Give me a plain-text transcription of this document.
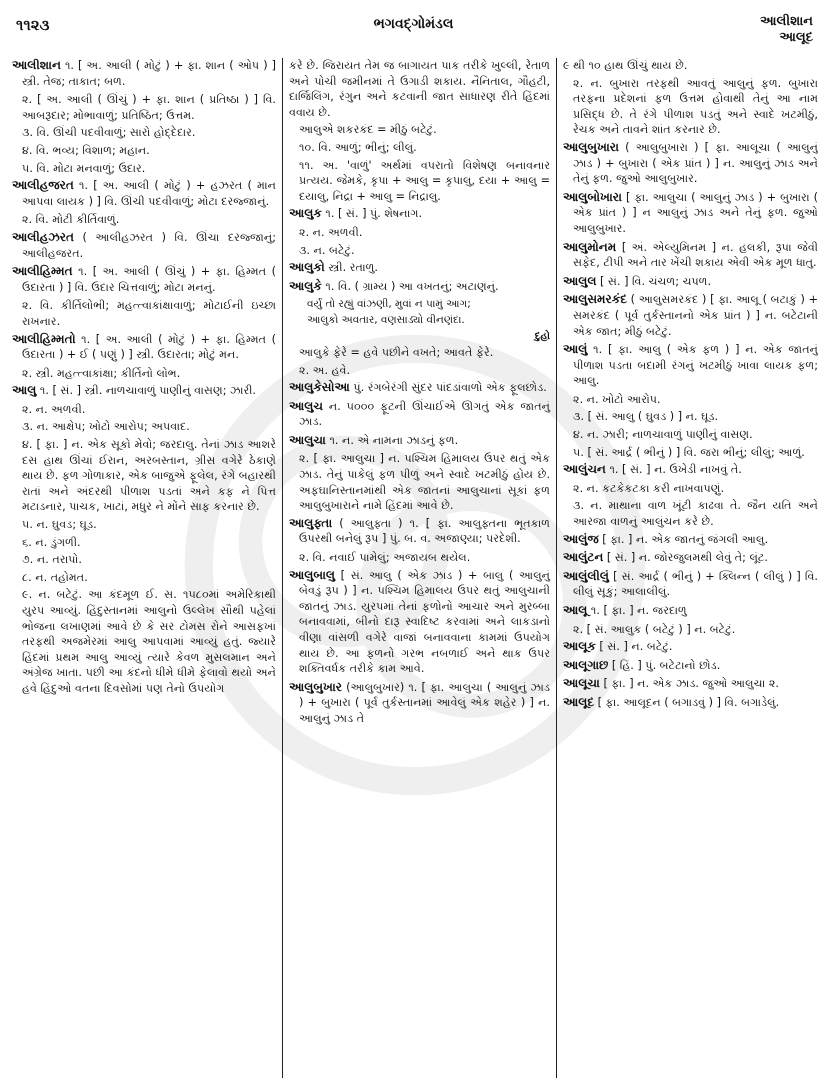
૧૧૨૩	ભગવદ્ગોમંડલ	આલીશાન
આલૂદ

આલીશાન ૧. [ અ. આલી ( મોટું ) + ફા. શાન ( ઓપ ) ] સ્ત્રી. તેજ; તાકાત; બળ.

૨. [ અ. આલી ( ઊંચું ) + ફા. શાન ( પ્રતિષ્ઠા ) ] વિ. આબરૂદાર; મોભાવાળું; પ્રતિષ્ઠિત; ઉત્તમ.

૩. વિ. ઊંચી પદવીવાળું; સારો હોદ્દેદાર.

૪. વિ. ભવ્ય; વિશાળ; મહાન.

૫. વિ. મોટા મનવાળું; ઉદાર.

આલીહજરત ૧. [ અ. આલી ( મોટું ) + હઝરત ( માન આપવા લાયક ) ] વિ. ઊંચી પદવીવાળું; મોટા દરજ્જાનું.

૨. વિ. મોટી કીર્તિવાળું.

આલીહઝરત ( આલીહઝરત ) વિ. ઊંચા દરજ્જાનું; આલીહજરત.

આલીહિમ્મત ૧. [ અ. આલી ( ઊંચું ) + ફા. હિમ્મત ( ઉદારતા ) ] વિ. ઉદાર ચિત્તવાળું; મોટા મનનું.

૨. વિ. કીર્તિલોભી; મહત્ત્વાકાંક્ષાવાળું; મોટાઈની ઇચ્છા રાખનાર.

આલીહિમ્મતો ૧. [ અ. આલી ( મોટું ) + ફા. હિમ્મત ( ઉદારતા ) + ઈ ( પણું ) ] સ્ત્રી. ઉદારતા; મોટું મન.

૨. સ્ત્રી. મહત્ત્વાકાંક્ષા; કીર્તિનો લોભ.

આલુ ૧. [ સં. ] સ્ત્રી. નાળચાવાળું પાણીનું વાસણ; ઝારી.

૨. ન. અળવી.

૩. ન. આક્ષેપ; ખોટો આરોપ; અપવાદ.

૪. [ ફા. ] ન. એક સૂકો મેવો; જરદાલુ. તેનાં ઝાડ આશરે દસ હાથ ઊંચાં ઈરાન, અરબસ્તાન, ગ્રીસ વગેરે ઠેકાણે થાય છે. ફળ ગોળાકાર, એક બાજુએ ફૂલેલ, રંગે બહારથી રાતાં અને અંદરથી પીળાશ પડતાં અને કફ ને પિત્ત મટાડનાર, પાચક, ખાટાં, મધુર ને મોંને સાફ કરનાર છે.

૫. ન. ઘુવડ; ઘૂડ.

૬. ન. ડુંગળી.

૭. ન. તરાપો.

૮. ન. તહોમત.

૯. ન. બટેટું. આ કંદમૂળ ઈ. સ. ૧૫૮૦માં અમેરિકાથી યુરપ આવ્યું. હિંદુસ્તાનમાં આલુનો ઉલ્લેખ સૌથી પહેલાં ભોજના લખાણમાં આવે છે કે સર ટોમસ રોને આસફખાં તરફથી અજમેરમાં આલુ આપવામાં આવ્યું હતું. જ્યારે હિંદમાં પ્રથમ આલુ આવ્યું ત્યારે કેવળ મુસલમાન અને અંગ્રેજ ખાતા. પછી આ કંદનો ધીમે ધીમે ફેલાવો થયો અને હવે હિંદુઓ વતના દિવસોમાં પણ તેનો ઉપયોગ

કરે છે. જિરાયત તેમ જ બાગાયત પાક તરીકે ખુલ્લી, રેતાળ અને પોચી જમીનમાં તે ઉગાડી શકાય. નૈનિતાલ, ગૌહટી, દાર્જિલિંગ, રંગુન અને કટવાની જાત સાધારણ રીતે હિંદમાં વવાય છે.

આલુએ શકરકંદ = મીઠું બટેટું.

૧૦. વિ. આળું; ભીનું; લીલું.

૧૧. અ. 'વાળું' અર્થમાં વપરાતો વિશેષણ બનાવનાર પ્રત્યય. જેમકે, કૃપા + આલુ = કૃપાલુ, દયા + આલુ = દયાલુ, નિદ્રા + આલુ = નિદ્રાલુ.

આલુક ૧. [ સં. ] પું. શેષનાગ.

૨. ન. અળવી.

૩. ન. બટેટું.

આલુકો સ્ત્રી. રતાળુ.

આલુકે ૧. વિ. ( ગ્રામ્ય ) આ વખતનું; અટાણનું.

વર્યું તો રહ્યું વાંઝણી, મુવાં ન પામું આગ;

આલુકો અવતાર, વણસાડ્યો વીનણંદા.

દુહો

આલુકે ફેરે = હવે પછીને વખતે; આવતે ફેરે.

૨. અ. હવે.

આલુકેસોઆ પું. રંગબેરંગી સુંદર પાંદડાંવાળો એક ફૂલછોડ.

આલુચ ન. ૫૦૦૦ ફૂટની ઊંચાઈએ ઊગતું એક જાતનું ઝાડ.

આલુચા ૧. ન. એ નામના ઝાડનું ફળ.

૨. [ ફા. આલુચા ] ન. પશ્ચિમ હિમાલય ઉપર થતું એક ઝાડ. તેનું પાકેલું ફળ પીળું અને સ્વાદે ખટમીઠું હોય છે. અફઘાનિસ્તાનમાંથી એક જાતનાં આલુચાનાં સૂકાં ફળ આલુબુખારાને નામે હિંદમાં આવે છે.

આલુફ્તા ( આલુફ્તા ) ૧. [ ફા. આલુફ્તના ભૂતકાળ ઉપરથી બનેલું રૂપ ] પું. બ. વ. અજાણ્યા; પરદેશી.

૨. વિ. નવાઈ પામેલું; અજાયબ થયેલ.

આલુબાલુ [ સં. આલુ ( એક ઝાડ ) + બાલુ ( આલુનું બેવડું રૂપ ) ] ન. પશ્ચિમ હિમાલય ઉપર થતું આલુચાની જાતનું ઝાડ. યુરપમાં તેનાં ફળોનો આચાર અને મુરબ્બા બનાવવામાં, બીનો દારૂ સ્વાદિષ્ટ કરવામાં અને લાકડાનો વીણા વાંસળી વગેરે વાજાં બનાવવાના કામમાં ઉપયોગ થાય છે. આ ફળનો ગરભ નબળાઈ અને થાક ઉપર શક્તિવર્ધક તરીકે કામ આવે.

આલુબુખાર (આલુબુખાર) ૧. [ ફા. આલુચા ( આલુનું ઝાડ ) + બુખારા ( પૂર્વ તુર્કસ્તાનમાં આવેલું એક શહેર ) ] ન. આલુનું ઝાડ તે

૯ થી ૧૦ હાથ ઊંચું થાય છે.

૨. ન. બુખારા તરફથી આવતું આલુનું ફળ. બુખારા તરફના પ્રદેશનાં ફળ ઉત્તમ હોવાથી તેનું આ નામ પ્રસિદ્ધ છે. તે રંગે પીળાશ પડતું અને સ્વાદે ખટમીઠું, રેચક અને તાવને શાંત કરનાર છે.

આલુબુખારા ( આલુબુખારા ) [ ફા. આલૂચા ( આલુનું ઝાડ ) + બુખારા ( એક પ્રાંત ) ] ન. આલુનું ઝાડ અને તેનું ફળ. જુઓ આલુબુખાર.

આલુબોખારા [ ફા. આલુચા ( આલુનું ઝાડ ) + બુખારા ( એક પ્રાંત ) ] ન આલુનું ઝાડ અને તેનું ફળ. જુઓ આલુબુખાર.

આલુમોનમ [ અં. એલ્યુમિનમ ] ન. હલકી, રૂપા જેવી સફેદ, ટીપી અને તાર ખેંચી શકાય એવી એક મૂળ ધાતુ.

આલુલ [ સં. ] વિ. ચંચળ; ચપળ.

આલુસમરકંદ ( આલુસમરકંદ ) [ ફા. આલૂ ( બટાકું ) + સમરકંદ ( પૂર્વ તુર્કસ્તાનનો એક પ્રાંત ) ] ન. બટેટાની એક જાત; મીઠું બટેટું.

આલું ૧. [ ફા. આલુ ( એક ફળ ) ] ન. એક જાતનું પીળાશ પડતા બદામી રંગનું ખટમીઠું ખાવા લાયક ફળ; આલુ.

૨. ન. ખોટો આરોપ.

૩. [ સં. આલુ ( ઘુવડ ) ] ન. ઘૂડ.

૪. ન. ઝારી; નાળચાવાળું પાણીનું વાસણ.

૫. [ સં. આર્દ્ર ( ભીનું ) ] વિ. જરા ભીનું; લીલું; આળું.

આલુંચન ૧. [ સં. ] ન. ઉખેડી નાખવું તે.

૨. ન. કટકેકટકા કરી નાખવાપણું.

૩. ન. માથાના વાળ ખૂંટી કાઢવા તે. જૈન યતિ અને આરજા વાળનું આલુંચન કરે છે.

આલુંજ [ ફા. ] ન. એક જાતનું જંગલી આલુ.

આલુંટન [ સં. ] ન. જોરજુલમથી લેવું તે; લૂંટ.

આલુંલીલું [ સં. આર્દ્ર ( ભીનું ) + ક્લિન્ન ( લીલું ) ] વિ. લીલું સૂકું; આલાલીલું.

આલૂ ૧. [ ફા. ] ન. જરદાળુ

૨. [ સં. આલુક ( બટેટું ) ] ન. બટેટું.

આલૂક [ સં. ] ન. બટેટું.

આલૂગાછ [ હિં. ] પું. બટેટાનો છોડ.

આલૂચા [ ફા. ] ન. એક ઝાડ. જુઓ આલુચા ૨.

આલૂદ [ ફા. આલૂદન ( બગાડવું ) ] વિ. બગાડેલું.
